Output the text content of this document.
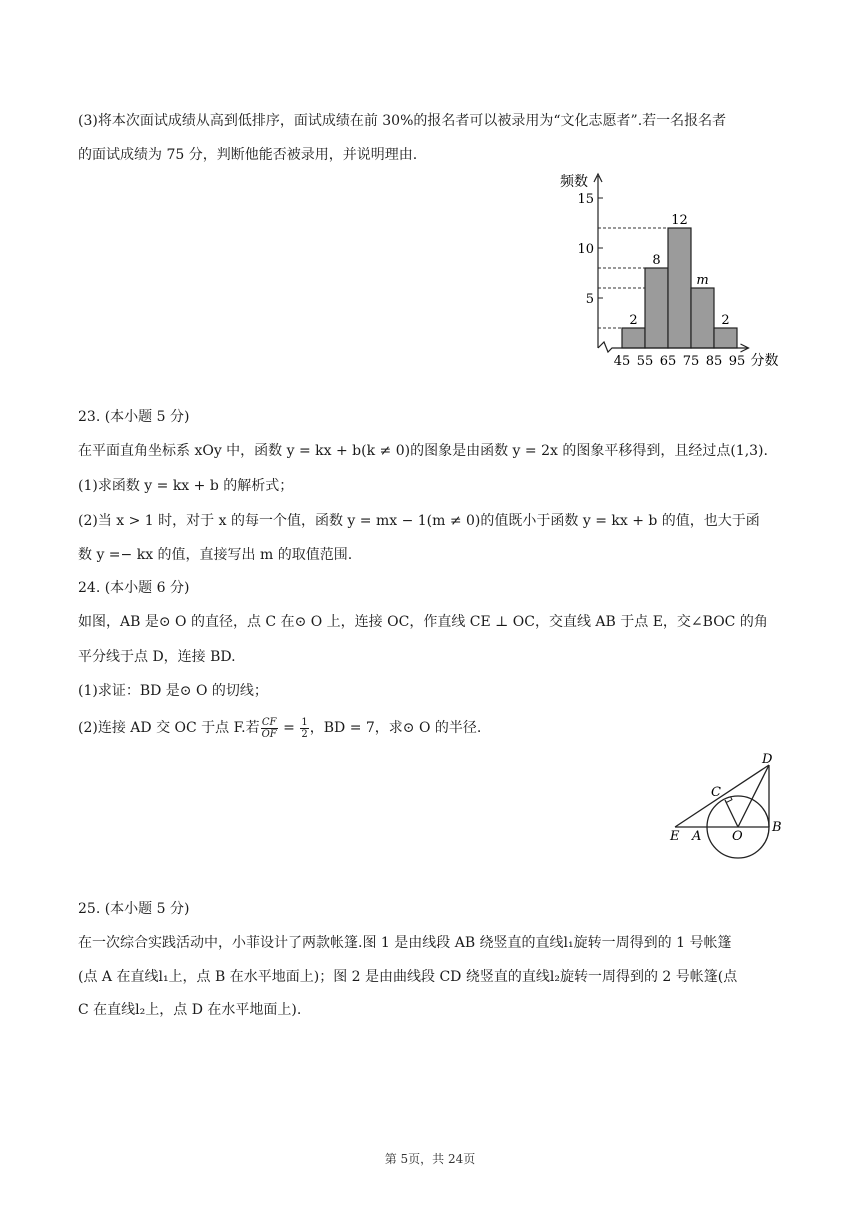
(3)将本次面试成绩从高到低排序，面试成绩在前 30%的报名者可以被录用为“文化志愿者”.若一名报名者
的面试成绩为 75 分，判断他能否被录用，并说明理由.
2
8
12
m
2
5
10
15
45 55 65 75 85 95
频数
分数
23. (本小题 5 分)
在平面直角坐标系 xOy 中，函数 y = kx + b(k ≠ 0)的图象是由函数 y = 2x 的图象平移得到，且经过点(1,3).
(1)求函数 y = kx + b 的解析式；
(2)当 x > 1 时，对于 x 的每一个值，函数 y = mx − 1(m ≠ 0)的值既小于函数 y = kx + b 的值，也大于函
数 y =− kx 的值，直接写出 m 的取值范围.
24. (本小题 6 分)
如图，AB 是⊙ O 的直径，点 C 在⊙ O 上，连接 OC，作直线 CE ⊥ OC，交直线 AB 于点 E，交∠BOC 的角
平分线于点 D，连接 BD.
(1)求证：BD 是⊙ O 的切线；
(2)连接 AD 交 OC 于点 F.若 $\frac{CF}{OF} = \frac{1}{2}$ ，BD = 7，求⊙ O 的半径.
D
C
E A O
B
25. (本小题 5 分)
在一次综合实践活动中，小菲设计了两款帐篷.图 1 是由线段 AB 绕竖直的直线l₁旋转一周得到的 1 号帐篷
(点 A 在直线l₁上，点 B 在水平地面上)；图 2 是由曲线段 CD 绕竖直的直线l₂旋转一周得到的 2 号帐篷(点
C 在直线l₂上，点 D 在水平地面上).
第 5页，共 24页
